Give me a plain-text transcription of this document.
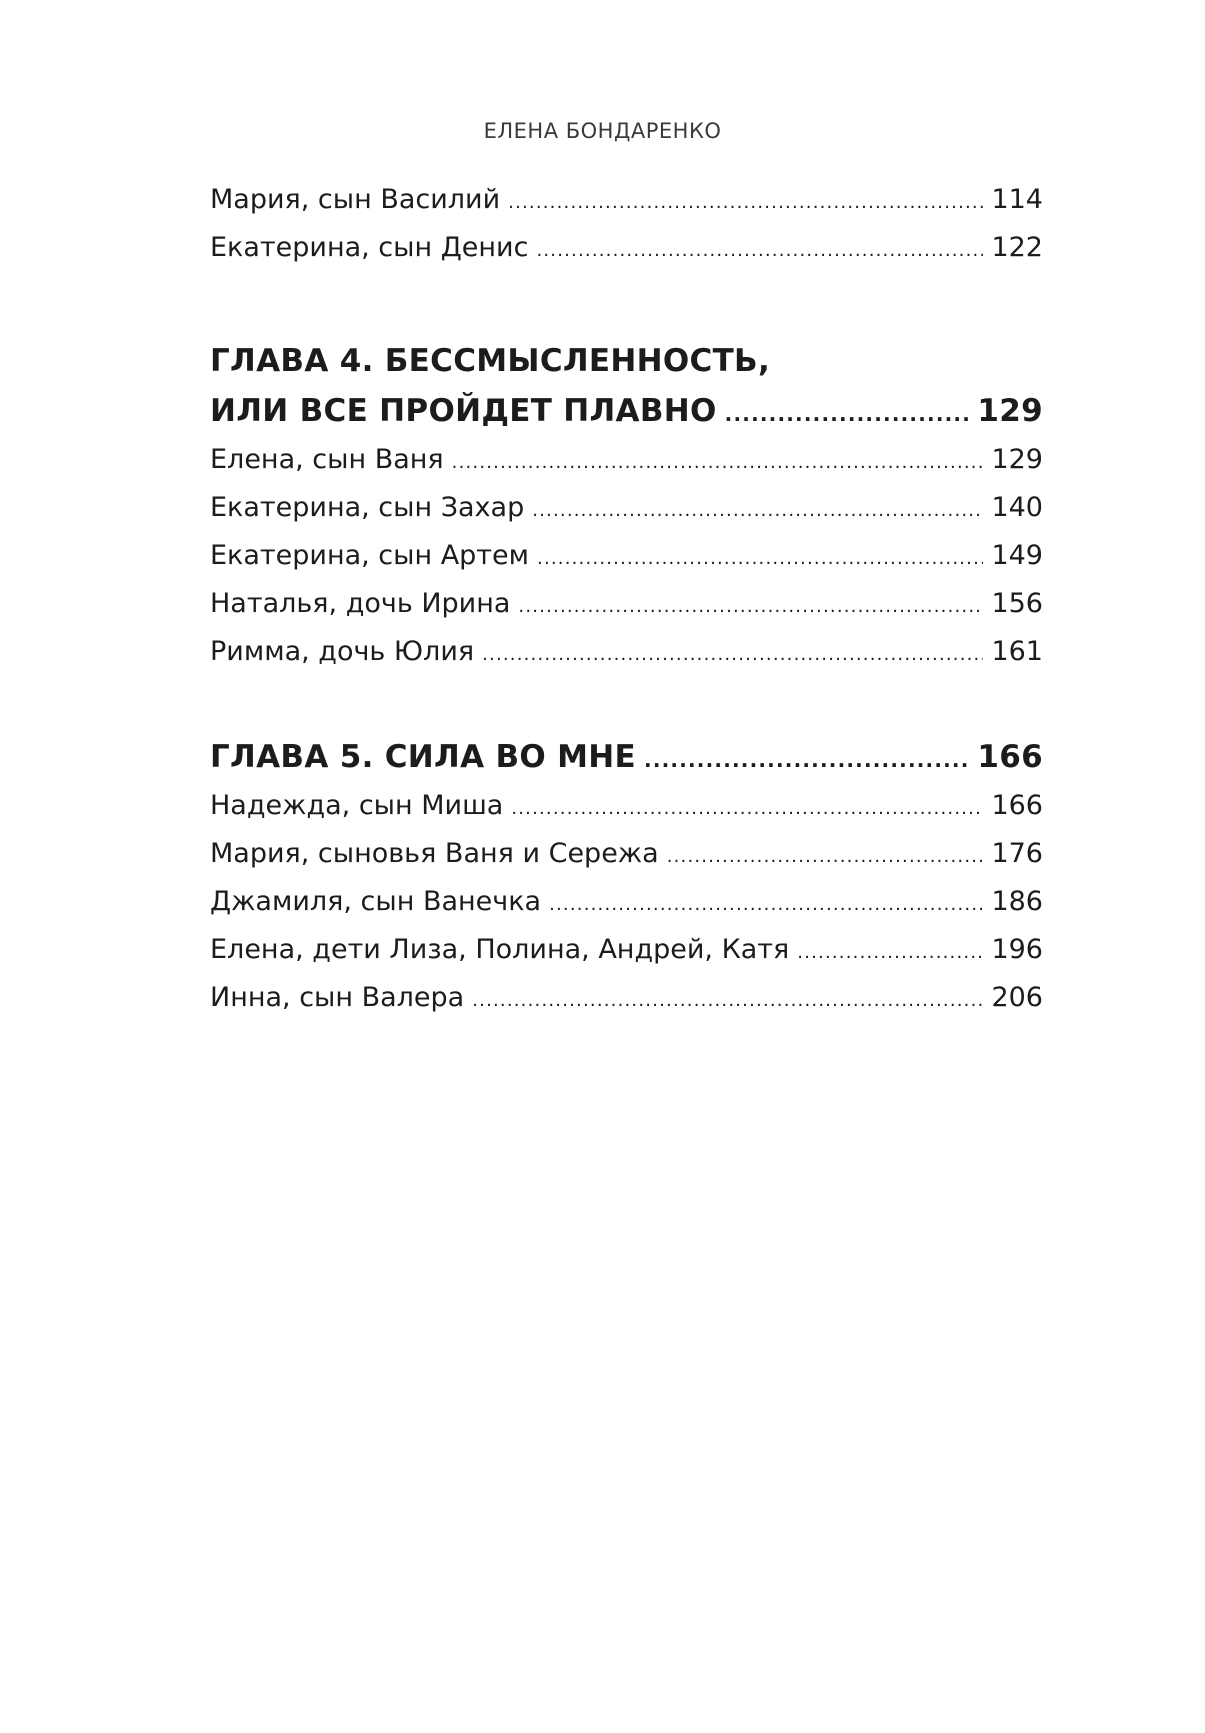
ЕЛЕНА БОНДАРЕНКО
Мария, сын Василий .....	114
Екатерина, сын Денис .....	122
ГЛАВА 4. БЕССМЫСЛЕННОСТЬ,
ИЛИ ВСЕ ПРОЙДЕТ ПЛАВНО .....	129
Елена, сын Ваня .....	129
Екатерина, сын Захар .....	140
Екатерина, сын Артем .....	149
Наталья, дочь Ирина .....	156
Римма, дочь Юлия .....	161
ГЛАВА 5. СИЛА ВО МНЕ .....	166
Надежда, сын Миша .....	166
Мария, сыновья Ваня и Сережа .....	176
Джамиля, сын Ванечка .....	186
Елена, дети Лиза, Полина, Андрей, Катя .....	196
Инна, сын Валера .....	206
